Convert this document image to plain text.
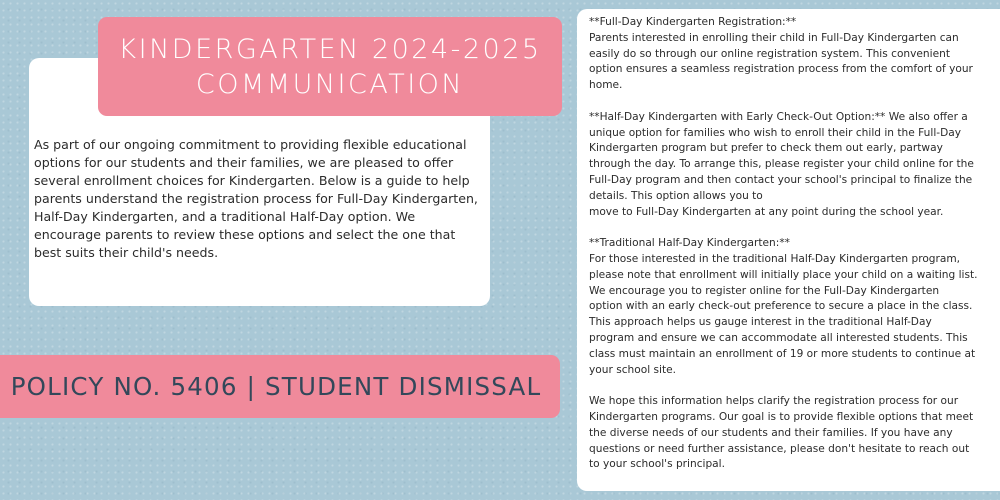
As part of our ongoing commitment to providing flexible educational options for our students and their families, we are pleased to offer several enrollment choices for Kindergarten. Below is a guide to help parents understand the registration process for Full-Day Kindergarten, Half-Day Kindergarten, and a traditional Half-Day option. We encourage parents to review these options and select the one that best suits their child's needs.

KINDERGARTEN 2024-2025
COMMUNICATION
POLICY NO. 5406 | STUDENT DISMISSAL

**Full-Day Kindergarten Registration:**
Parents interested in enrolling their child in Full-Day Kindergarten can
easily do so through our online registration system. This convenient
option ensures a seamless registration process from the comfort of your
home.

**Half-Day Kindergarten with Early Check-Out Option:** We also offer a
unique option for families who wish to enroll their child in the Full-Day
Kindergarten program but prefer to check them out early, partway
through the day. To arrange this, please register your child online for the
Full-Day program and then contact your school's principal to finalize the
details. This option allows you to
move to Full-Day Kindergarten at any point during the school year.

**Traditional Half-Day Kindergarten:**
For those interested in the traditional Half-Day Kindergarten program,
please note that enrollment will initially place your child on a waiting list.
We encourage you to register online for the Full-Day Kindergarten
option with an early check-out preference to secure a place in the class.
This approach helps us gauge interest in the traditional Half-Day
program and ensure we can accommodate all interested students. This
class must maintain an enrollment of 19 or more students to continue at
your school site.

We hope this information helps clarify the registration process for our
Kindergarten programs. Our goal is to provide flexible options that meet
the diverse needs of our students and their families. If you have any
questions or need further assistance, please don't hesitate to reach out
to your school's principal.
